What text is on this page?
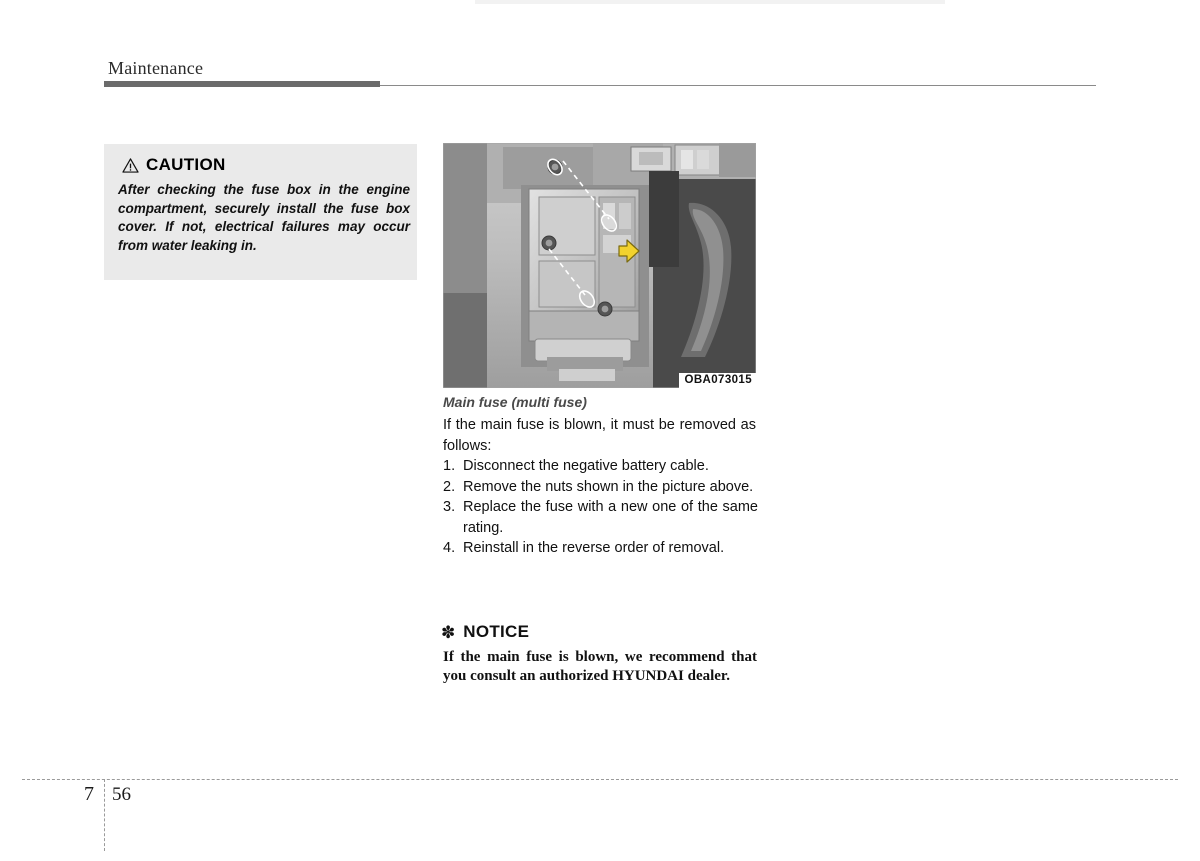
Maintenance
CAUTION
After checking the fuse box in the engine compartment, securely install the fuse box cover. If not, electrical failures may occur from water leaking in.
OBA073015
Main fuse (multi fuse)
If the main fuse is blown, it must be removed as follows:
1. Disconnect the negative battery cable.
2. Remove the nuts shown in the picture above.
3. Replace the fuse with a new one of the same rating.
4. Reinstall in the reverse order of removal.
✽ NOTICE
If the main fuse is blown, we recommend that you consult an authorized HYUNDAI dealer.
7 56
